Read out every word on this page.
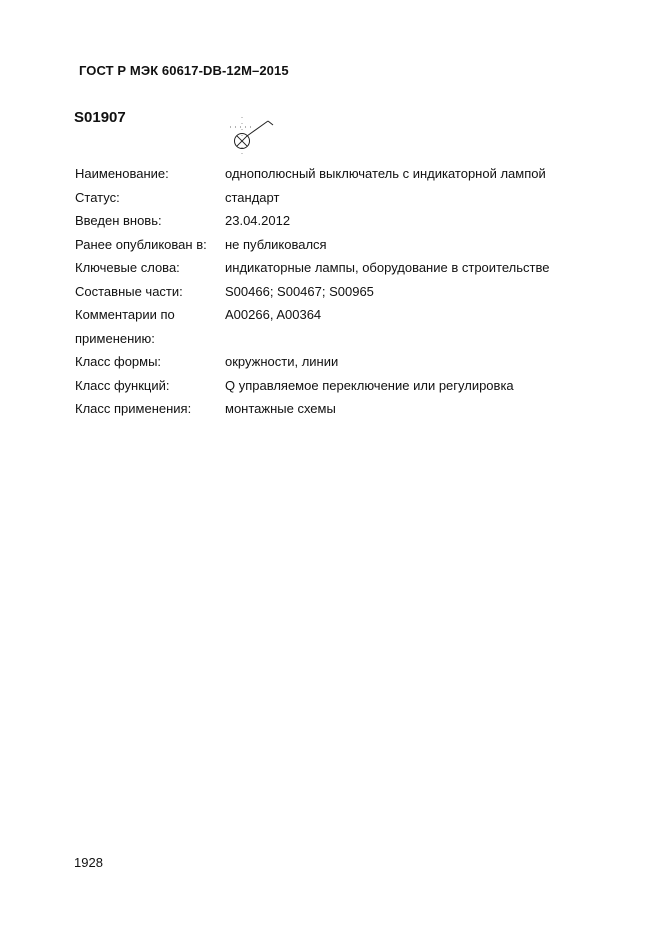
ГОСТ Р МЭК 60617-DB-12M–2015
S01907
Наименование:	однополюсный выключатель с индикаторной лампой
Статус:	стандарт
Введен вновь:	23.04.2012
Ранее опубликован в:	не публиковался
Ключевые слова:	индикаторные лампы, оборудование в строительстве
Составные части:	S00466; S00467; S00965
Комментарии по применению:
A00266, A00364
Класс формы:	окружности, линии
Класс функций:	Q управляемое переключение или регулировка
Класс применения:	монтажные схемы
1928
